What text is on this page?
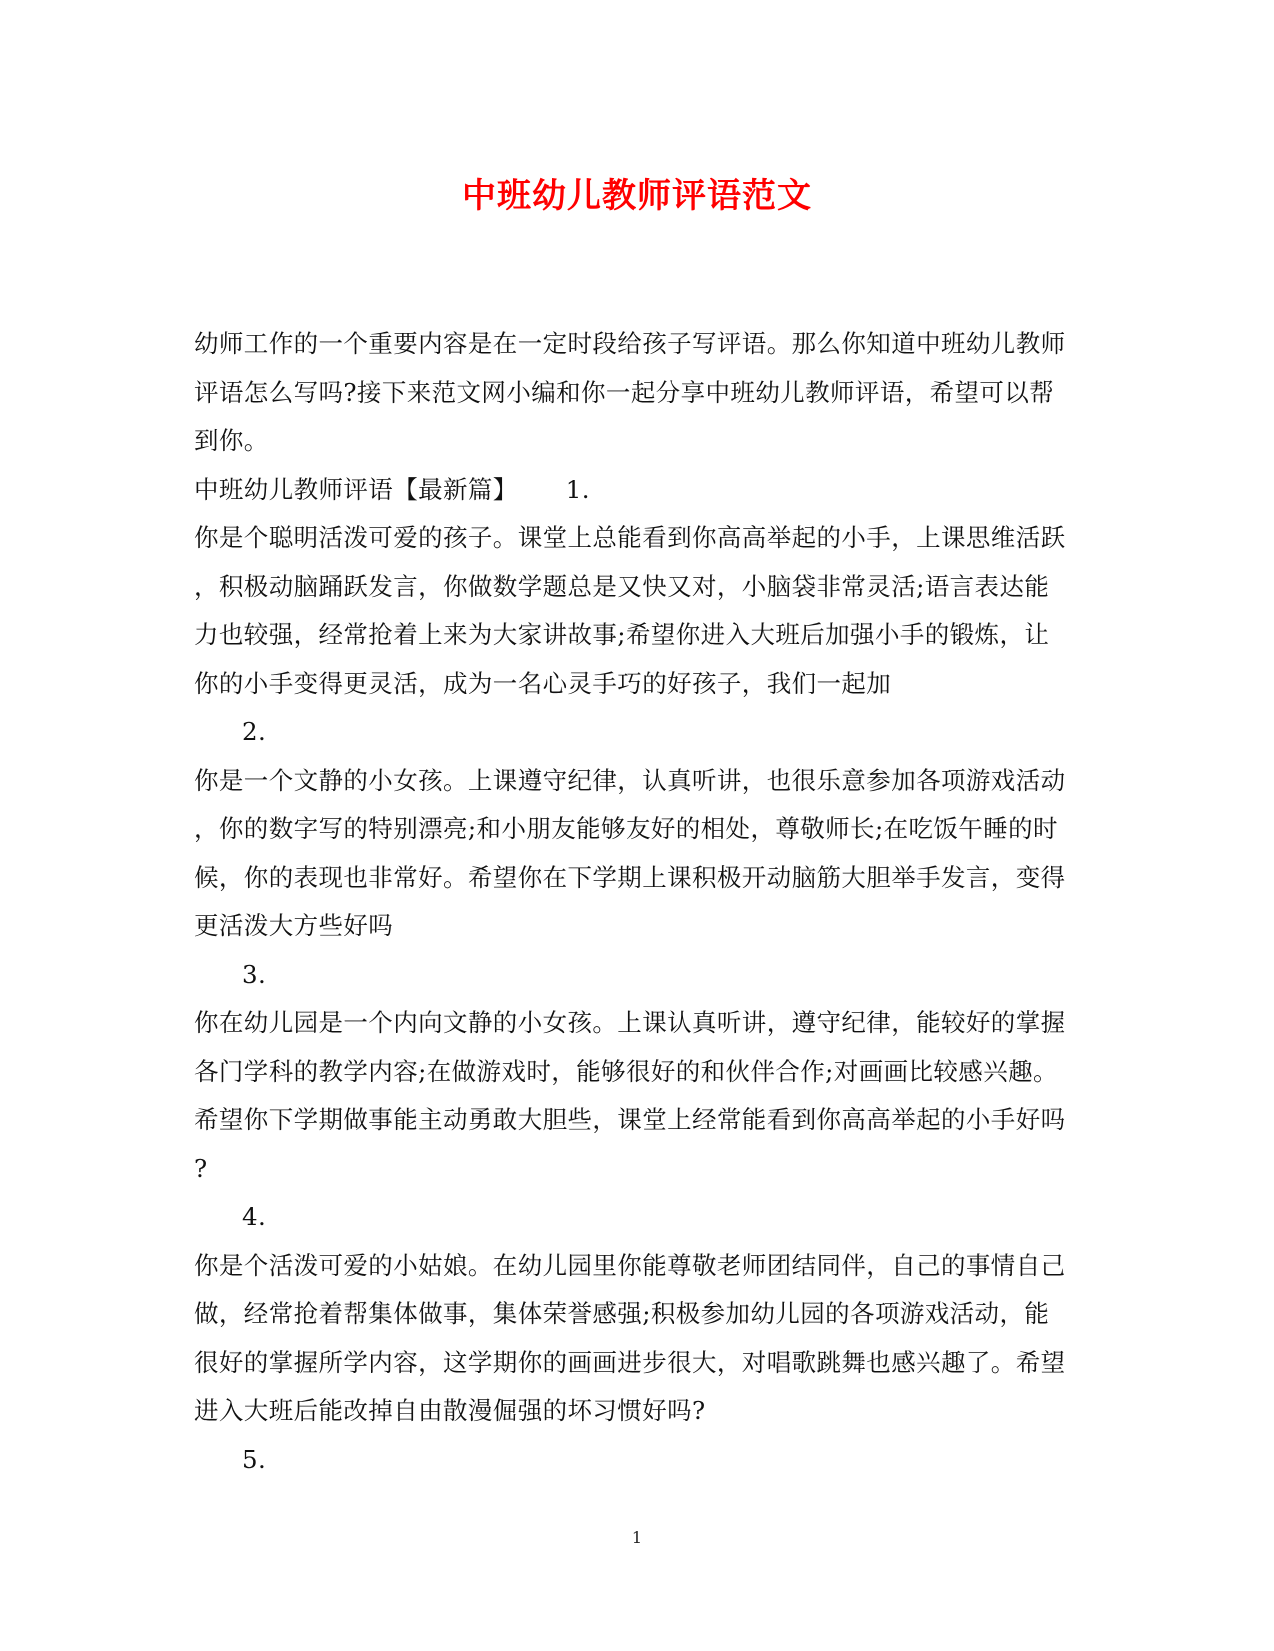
中班幼儿教师评语范文
幼师工作的一个重要内容是在一定时段给孩子写评语。那么你知道中班幼儿教师
评语怎么写吗?接下来范文网小编和你一起分享中班幼儿教师评语，希望可以帮
到你。
中班幼儿教师评语【最新篇】 1.
你是个聪明活泼可爱的孩子。课堂上总能看到你高高举起的小手，上课思维活跃
，积极动脑踊跃发言，你做数学题总是又快又对，小脑袋非常灵活;语言表达能
力也较强，经常抢着上来为大家讲故事;希望你进入大班后加强小手的锻炼，让
你的小手变得更灵活，成为一名心灵手巧的好孩子，我们一起加
2.
你是一个文静的小女孩。上课遵守纪律，认真听讲，也很乐意参加各项游戏活动
，你的数字写的特别漂亮;和小朋友能够友好的相处，尊敬师长;在吃饭午睡的时
候，你的表现也非常好。希望你在下学期上课积极开动脑筋大胆举手发言，变得
更活泼大方些好吗
3.
你在幼儿园是一个内向文静的小女孩。上课认真听讲，遵守纪律，能较好的掌握
各门学科的教学内容;在做游戏时，能够很好的和伙伴合作;对画画比较感兴趣。
希望你下学期做事能主动勇敢大胆些，课堂上经常能看到你高高举起的小手好吗
?
4.
你是个活泼可爱的小姑娘。在幼儿园里你能尊敬老师团结同伴，自己的事情自己
做，经常抢着帮集体做事，集体荣誉感强;积极参加幼儿园的各项游戏活动，能
很好的掌握所学内容，这学期你的画画进步很大，对唱歌跳舞也感兴趣了。希望
进入大班后能改掉自由散漫倔强的坏习惯好吗?
5.
1
